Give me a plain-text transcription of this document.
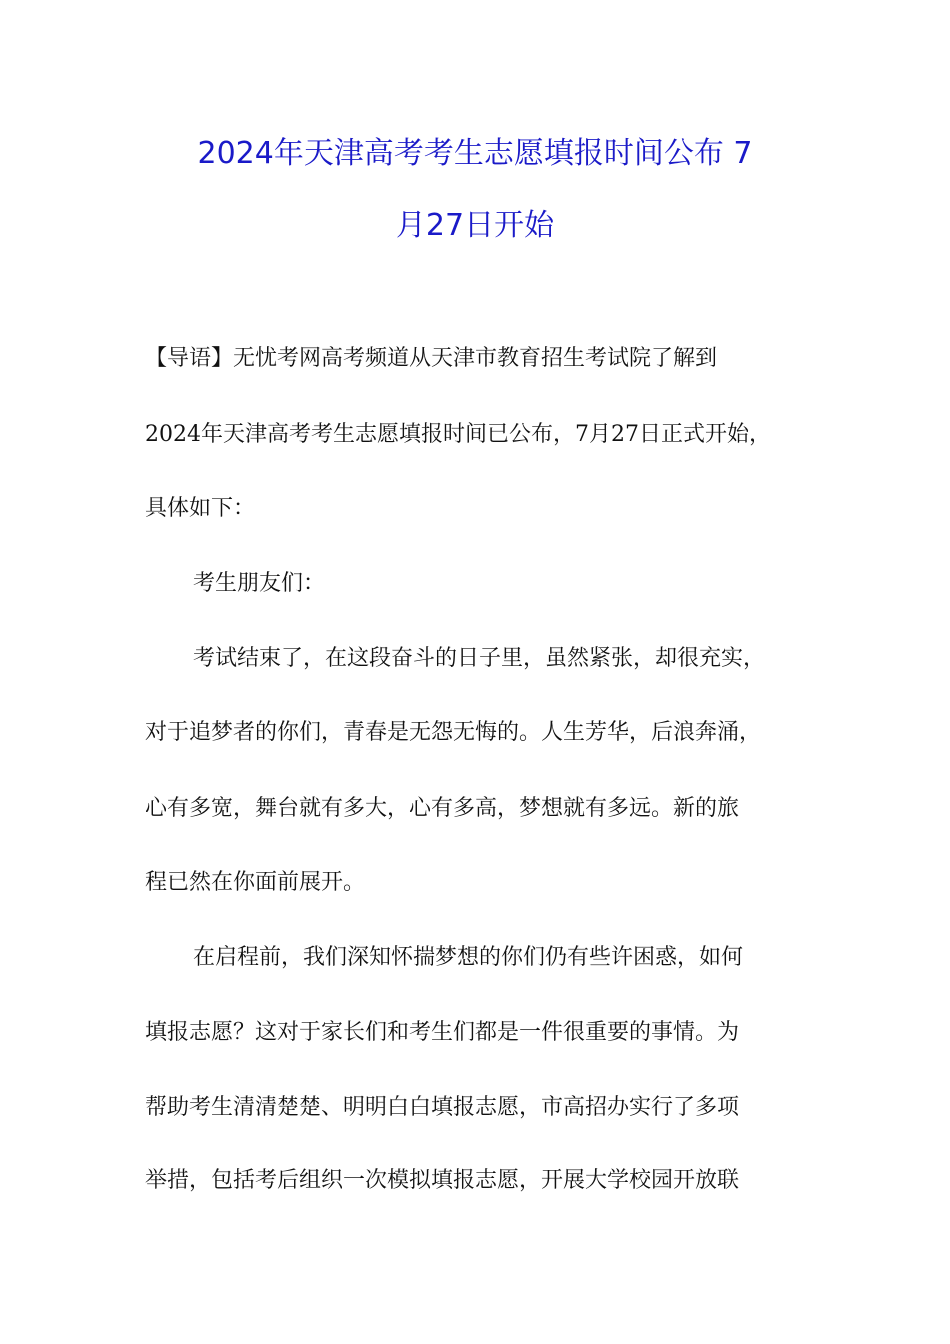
2024年天津高考考生志愿填报时间公布 7
月27日开始
【导语】无忧考网高考频道从天津市教育招生考试院了解到
2024年天津高考考生志愿填报时间已公布，7月27日正式开始，
具体如下：
考生朋友们：
考试结束了，在这段奋斗的日子里，虽然紧张，却很充实，
对于追梦者的你们，青春是无怨无悔的。人生芳华，后浪奔涌，
心有多宽，舞台就有多大，心有多高，梦想就有多远。新的旅
程已然在你面前展开。
在启程前，我们深知怀揣梦想的你们仍有些许困惑，如何
填报志愿？这对于家长们和考生们都是一件很重要的事情。为
帮助考生清清楚楚、明明白白填报志愿，市高招办实行了多项
举措，包括考后组织一次模拟填报志愿，开展大学校园开放联
